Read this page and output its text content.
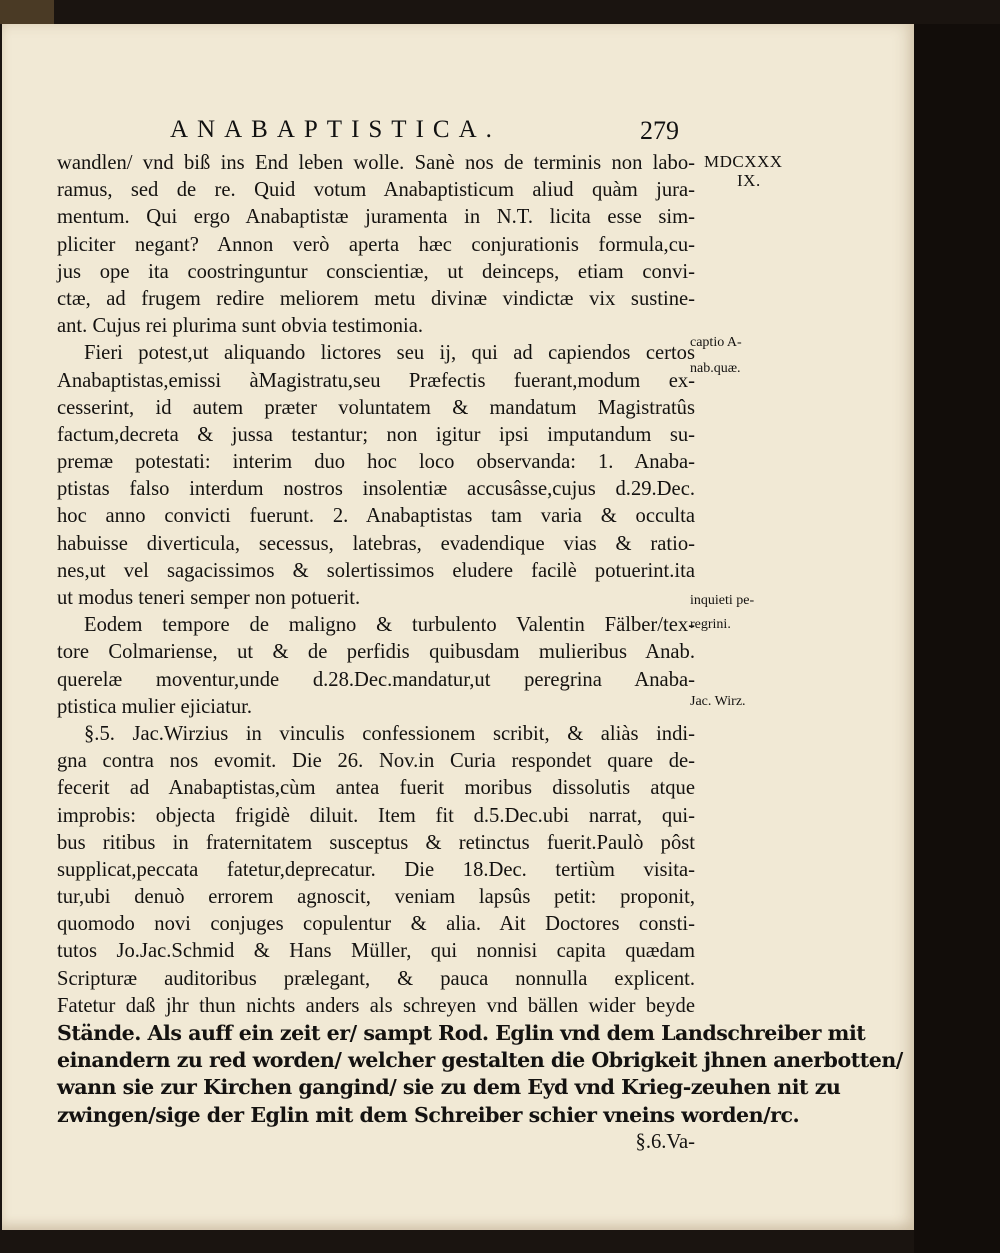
ANABAPTISTICA.	279
MDCXXX
IX.
captio A-
nab.quæ.
inquieti pe-
regrini.
Jac. Wirz.
wandlen/ vnd biß ins End leben wolle. Sanè nos de terminis non labo-
ramus, sed de re. Quid votum Anabaptisticum aliud quàm jura-
mentum. Qui ergo Anabaptistæ juramenta in N.T. licita esse sim-
pliciter negant? Annon verò aperta hæc conjurationis formula,cu-
jus ope ita coostringuntur conscientiæ, ut deinceps, etiam convi-
ctæ, ad frugem redire meliorem metu divinæ vindictæ vix sustine-
ant. Cujus rei plurima sunt obvia testimonia.
Fieri potest,ut aliquando lictores seu ij, qui ad capiendos certos
Anabaptistas,emissi àMagistratu,seu Præfectis fuerant,modum ex-
cesserint, id autem præter voluntatem & mandatum Magistratûs
factum,decreta & jussa testantur; non igitur ipsi imputandum su-
premæ potestati: interim duo hoc loco observanda: 1. Anaba-
ptistas falso interdum nostros insolentiæ accusâsse,cujus d.29.Dec.
hoc anno convicti fuerunt. 2. Anabaptistas tam varia & occulta
habuisse diverticula, secessus, latebras, evadendique vias & ratio-
nes,ut vel sagacissimos & solertissimos eludere facilè potuerint.ita
ut modus teneri semper non potuerit.
Eodem tempore de maligno & turbulento Valentin Fälber/tex-
tore Colmariense, ut & de perfidis quibusdam mulieribus Anab.
querelæ moventur,unde d.28.Dec.mandatur,ut peregrina Anaba-
ptistica mulier ejiciatur.
§.5. Jac.Wirzius in vinculis confessionem scribit, & aliàs indi-
gna contra nos evomit. Die 26. Nov.in Curia respondet quare de-
fecerit ad Anabaptistas,cùm antea fuerit moribus dissolutis atque
improbis: objecta frigidè diluit. Item fit d.5.Dec.ubi narrat, qui-
bus ritibus in fraternitatem susceptus & retinctus fuerit.Paulò pôst
supplicat,peccata fatetur,deprecatur. Die 18.Dec. tertiùm visita-
tur,ubi denuò errorem agnoscit, veniam lapsûs petit: proponit,
quomodo novi conjuges copulentur & alia. Ait Doctores consti-
tutos Jo.Jac.Schmid & Hans Müller, qui nonnisi capita quædam
Scripturæ auditoribus prælegant, & pauca nonnulla explicent.
Fatetur daß jhr thun nichts anders als schreyen vnd bällen wider beyde
Stände. Als auff ein zeit er/ sampt Rod. Eglin vnd dem Landschreiber mit
einandern zu red worden/ welcher gestalten die Obrigkeit jhnen anerbotten/
wann sie zur Kirchen gangind/ sie zu dem Eyd vnd Krieg-zeuhen nit zu
zwingen/sige der Eglin mit dem Schreiber schier vneins worden/rc.
§.6.Va-
